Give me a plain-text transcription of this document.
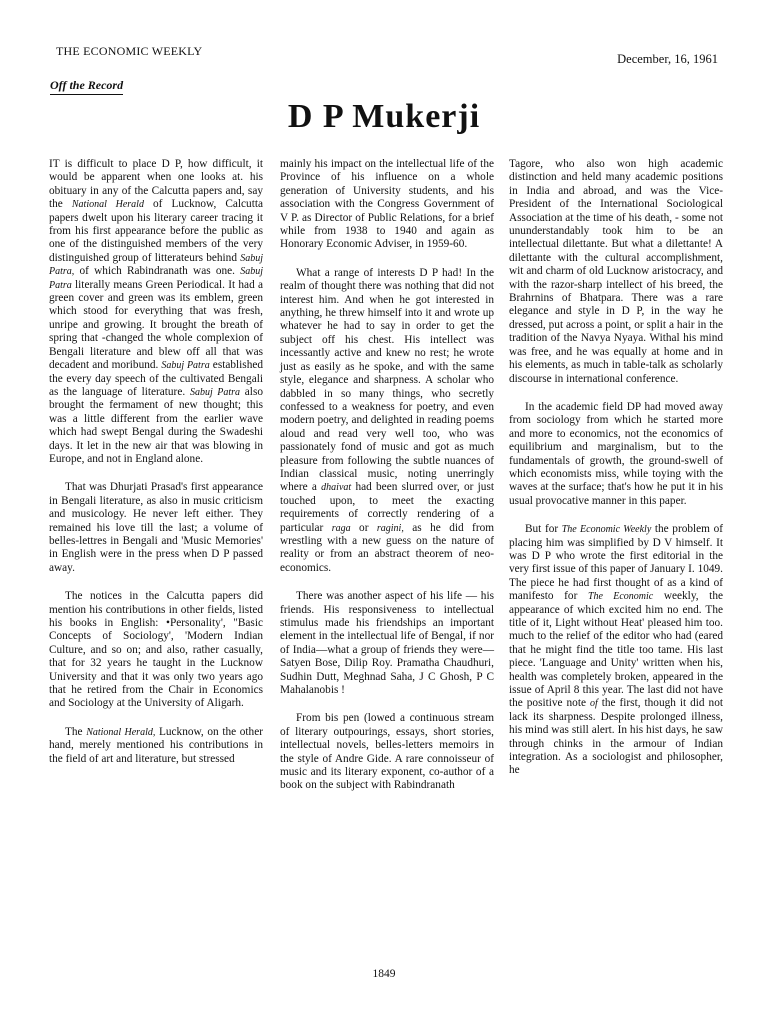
THE ECONOMIC WEEKLY
December, 16, 1961
Off the Record
D P Mukerji

IT is difficult to place D P, how difficult, it would be apparent when one looks at. his obituary in any of the Calcutta papers and, say the National Herald of Lucknow, Calcutta papers dwelt upon his literary career tracing it from his first appearance before the public as one of the distinguished members of the very distinguished group of litterateurs behind Sabuj Patra, of which Rabindranath was one. Sabuj Patra literally means Green Periodical. It had a green cover and green was its emblem, green which stood for everything that was fresh, unripe and growing. It brought the breath of spring that -changed the whole complexion of Bengali literature and blew off all that was decadent and moribund. Sabuj Patra established the every day speech of the cultivated Bengali as the language of literature. Sabuj Patra also brought the fermament of new thought; this was a little different from the earlier wave which had swept Bengal during the Swadeshi days. It let in the new air that was blowing in Europe, and not in England alone.

That was Dhurjati Prasad's first appearance in Bengali literature, as also in music criticism and musicology. He never left either. They remained his love till the last; a volume of belles-lettres in Bengali and 'Music Memories' in English were in the press when D P passed away.

The notices in the Calcutta papers did mention his contributions in other fields, listed his books in English: •Personality', "Basic Concepts of Sociology', 'Modern Indian Culture, and so on; and also, rather casually, that for 32 years he taught in the Lucknow University and that it was only two years ago that he retired from the Chair in Economics and Sociology at the University of Aligarh.

The National Herald, Lucknow, on the other hand, merely mentioned his contributions in the field of art and literature, but stressed

mainly his impact on the intellectual life of the Province of his influence on a whole generation of University students, and his association with the Congress Government of V P. as Director of Public Relations, for a brief while from 1938 to 1940 and again as Honorary Economic Adviser, in 1959-60.

What a range of interests D P had! In the realm of thought there was nothing that did not interest him. And when he got interested in anything, he threw himself into it and wrote up whatever he had to say in order to get the subject off his chest. His intellect was incessantly active and knew no rest; he wrote just as easily as he spoke, and with the same style, elegance and sharpness. A scholar who dabbled in so many things, who secretly confessed to a weakness for poetry, and even modern poetry, and delighted in reading poems aloud and read very well too, who was passionately fond of music and got as much pleasure from following the subtle nuances of Indian classical music, noting unerringly where a dhaivat had been slurred over, or just touched upon, to meet the exacting requirements of correctly rendering of a particular raga or ragini, as he did from wrestling with a new guess on the nature of reality or from an abstract theorem of neo-economics.

There was another aspect of his life — his friends. His responsiveness to intellectual stimulus made his friendships an important element in the intellectual life of Bengal, if nor of India—what a group of friends they were—Satyen Bose, Dilip Roy. Pramatha Chaudhuri, Sudhin Dutt, Meghnad Saha, J C Ghosh, P C Mahalanobis !

From bis pen (lowed a continuous stream of literary outpourings, essays, short stories, intellectual novels, belles-letters memoirs in the style of Andre Gide. A rare connoisseur of music and its literary exponent, co-author of a book on the subject with Rabindranath

Tagore, who also won high academic distinction and held many academic positions in India and abroad, and was the Vice-President of the International Sociological Association at the time of his death, - some not ununderstandably took him to be an intellectual dilettante. But what a dilettante! A dilettante with the cultural accomplishment, wit and charm of old Lucknow aristocracy, and with the razor-sharp intellect of his breed, the Brahrnins of Bhatpara. There was a rare elegance and style in D P, in the way he dressed, put across a point, or split a hair in the tradition of the Navya Nyaya. Withal his mind was free, and he was equally at home and in his elements, as much in table-talk as scholarly discourse in international conference.

In the academic field DP had moved away from sociology from which he started more and more to economics, not the economics of equilibrium and marginalism, but to the fundamentals of growth, the ground-swell of which economists miss, while toying with the waves at the surface; that's how he put it in his usual provocative manner in this paper.

But for The Economic Weekly the problem of placing him was simplified by D V himself. It was D P who wrote the first editorial in the very first issue of this paper of January I. 1049. The piece he had first thought of as a kind of manifesto for The Economic weekly, the appearance of which excited him no end. The title of it, Light without Heat' pleased him too. much to the relief of the editor who had (eared that he might find the title too tame. His last piece. 'Language and Unity' written when his, health was completely broken, appeared in the issue of April 8 this year. The last did not have the positive note of the first, though it did not lack its sharpness. Despite prolonged illness, his mind was still alert. In his hist days, he saw through chinks in the armour of Indian integration. As a sociologist and philosopher, he

1849
